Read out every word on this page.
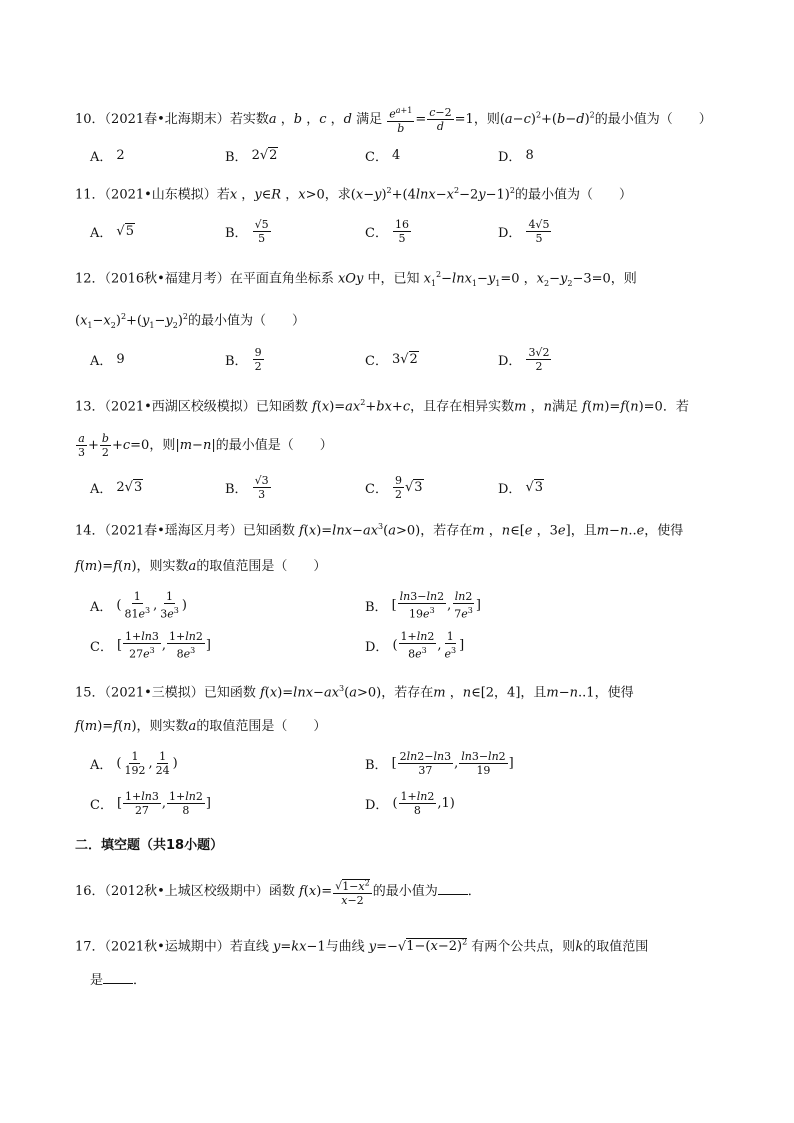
10．（2021春•北海期末）若实数a ，b ，c ，d 满足 $\frac{e^{a+1}}{b} = \frac{c-2}{d} =1$，则$(a-c)^2+(b-d)^2$的最小值为（　　）
A． 2	B． 2 √2	C． 4	D． 8
11．（2021•山东模拟）若x ，y∈R ，x>0，求$(x-y)^2+(4\ln x-x^2-2y-1)^2$的最小值为（　　）
A． √5	B． $\frac{√5}{5}$	C． $\frac{16}{5}$	D． $\frac{4√5}{5}$
12．（2016秋•福建月考）在平面直角坐标系 xOy 中，已知 $x_1^2-\ln x_1-y_1=0$ ，$x_2-y_2-3=0$，则
$(x_1-x_2)^2+(y_1-y_2)^2$的最小值为（　　）
A． 9	B． $\frac{9}{2}$	C． 3 √2	D． $\frac{3√2}{2}$
13．（2021•西湖区校级模拟）已知函数 $f(x)=ax^2+bx+c$，且存在相异实数m ，n满足 f(m)=f(n)=0．若
$\frac{a}{3} + \frac{b}{2} +c=0$，则|m−n|的最小值是（　　）
A． 2 √3	B． $\frac{√3}{3}$	C． $\frac{9}{2} √3$	D． √3
14．（2021春•瑶海区月考）已知函数 $f(x)=\ln x-ax^3(a>0)$，若存在m ，n∈[e ，3e]，且m−n..e，使得
f(m)=f(n)，则实数a的取值范围是（　　）
A． ( $\frac{1}{81e^3}$ , $\frac{1}{3e^3}$ )	B． [ $\frac{\ln 3-\ln 2}{19e^3}$ , $\frac{\ln 2}{7e^3}$ ]
C． [ $\frac{1+\ln 3}{27e^3}$ , $\frac{1+\ln 2}{8e^3}$ ]	D． ( $\frac{1+\ln 2}{8e^3}$ , $\frac{1}{e^3}$ ]
15．（2021•三模拟）已知函数 $f(x)=\ln x-ax^3(a>0)$，若存在m ，n∈[2，4]，且m−n..1，使得
f(m)=f(n)，则实数a的取值范围是（　　）
A． ( $\frac{1}{192}$ , $\frac{1}{24}$ )	B． [ $\frac{2\ln 2-\ln 3}{37}$ , $\frac{\ln 3-\ln 2}{19}$ ]
C． [ $\frac{1+\ln 3}{27}$ , $\frac{1+\ln 2}{8}$ ]	D． ( $\frac{1+\ln 2}{8} ,1$)
二．填空题（共18小题）
16．（2012秋•上城区校级期中）函数 $f(x)= \frac{√1-x^2}{x-2}$ 的最小值为 ．
17．（2021秋•运城期中）若直线 y=kx−1与曲线 $y=-√1-(x-2)^2$ 有两个公共点，则k的取值范围
是 ．
